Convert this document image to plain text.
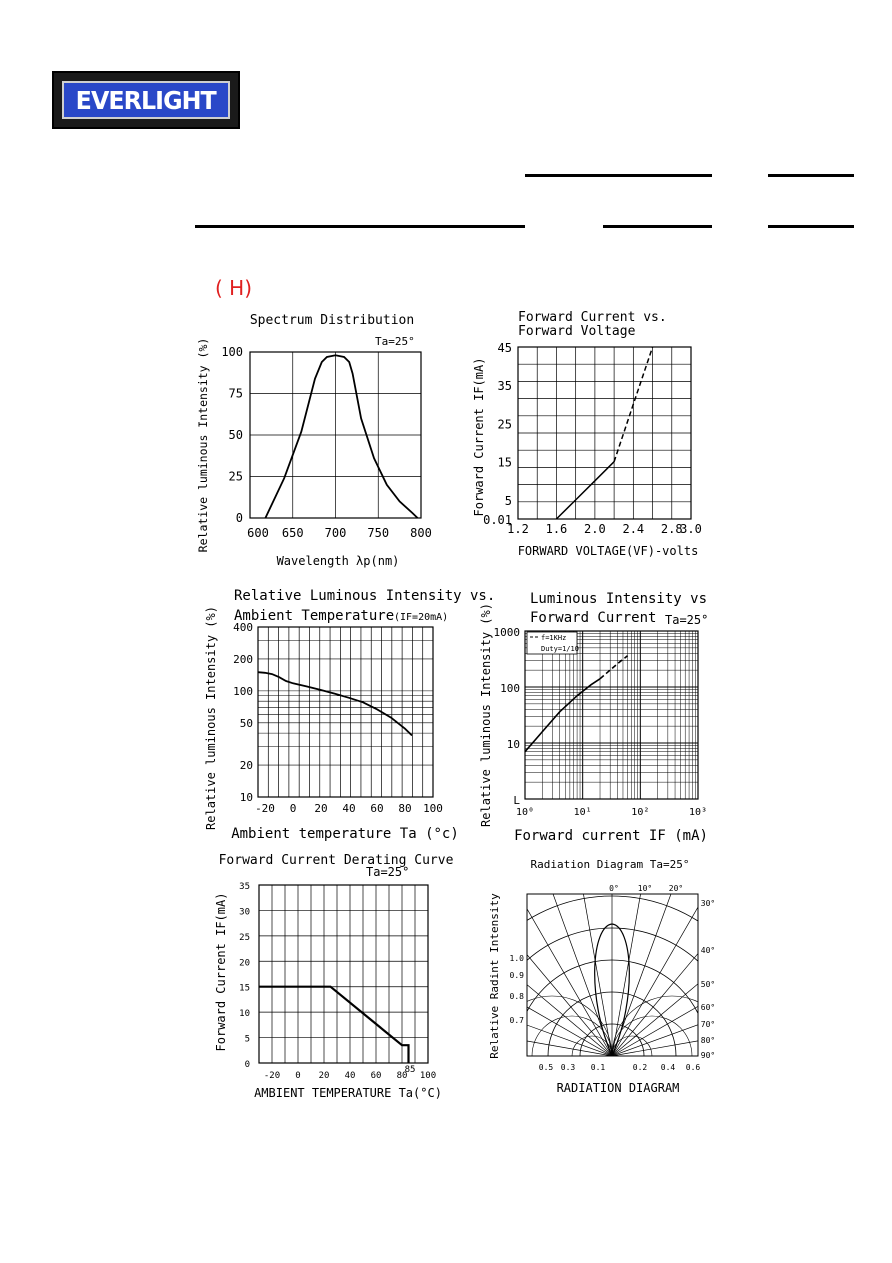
EVERLIGHT
( H)
Spectrum Distribution
Ta=25°
600 650 700 750 800
0
25
50
75
100
Wavelength λp(nm)
Relative luminous Intensity (%)
Forward Current vs.
Forward Voltage
1.2 1.6 2.0 2.4 2.8
3.0
0.01
5
15
25
35
45
FORWARD VOLTAGE(VF)-volts
Forward Current IF(mA)
Relative Luminous Intensity vs.
Ambient Temperature (IF=20mA)
-20 0 20 40 60 80 100
10
20
50
100
200
400
Ambient temperature Ta (°c)
Relative luminous Intensity (%)
Luminous Intensity vs
Forward Current Ta=25°
f=1KHz
Duty=1/10
10⁰	10¹	10²	10³
L
10
100
1000
Forward current IF (mA)
Relative luminous Intensity (%)
Forward Current Derating Curve
Ta=25°
-20 0 20 40 60 80 100
0
5
10
15
20
25
30
35
85
AMBIENT TEMPERATURE Ta(°C)
Forward Current IF(mA)
Radiation Diagram Ta=25°
0° 10° 20°
30°
40°
50°
60°
70°
80°
90°
1.0
0.9
0.8
0.7
0.5 0.3 0.1	0.2 0.4 0.6
RADIATION DIAGRAM
Relative Radint Intensity
